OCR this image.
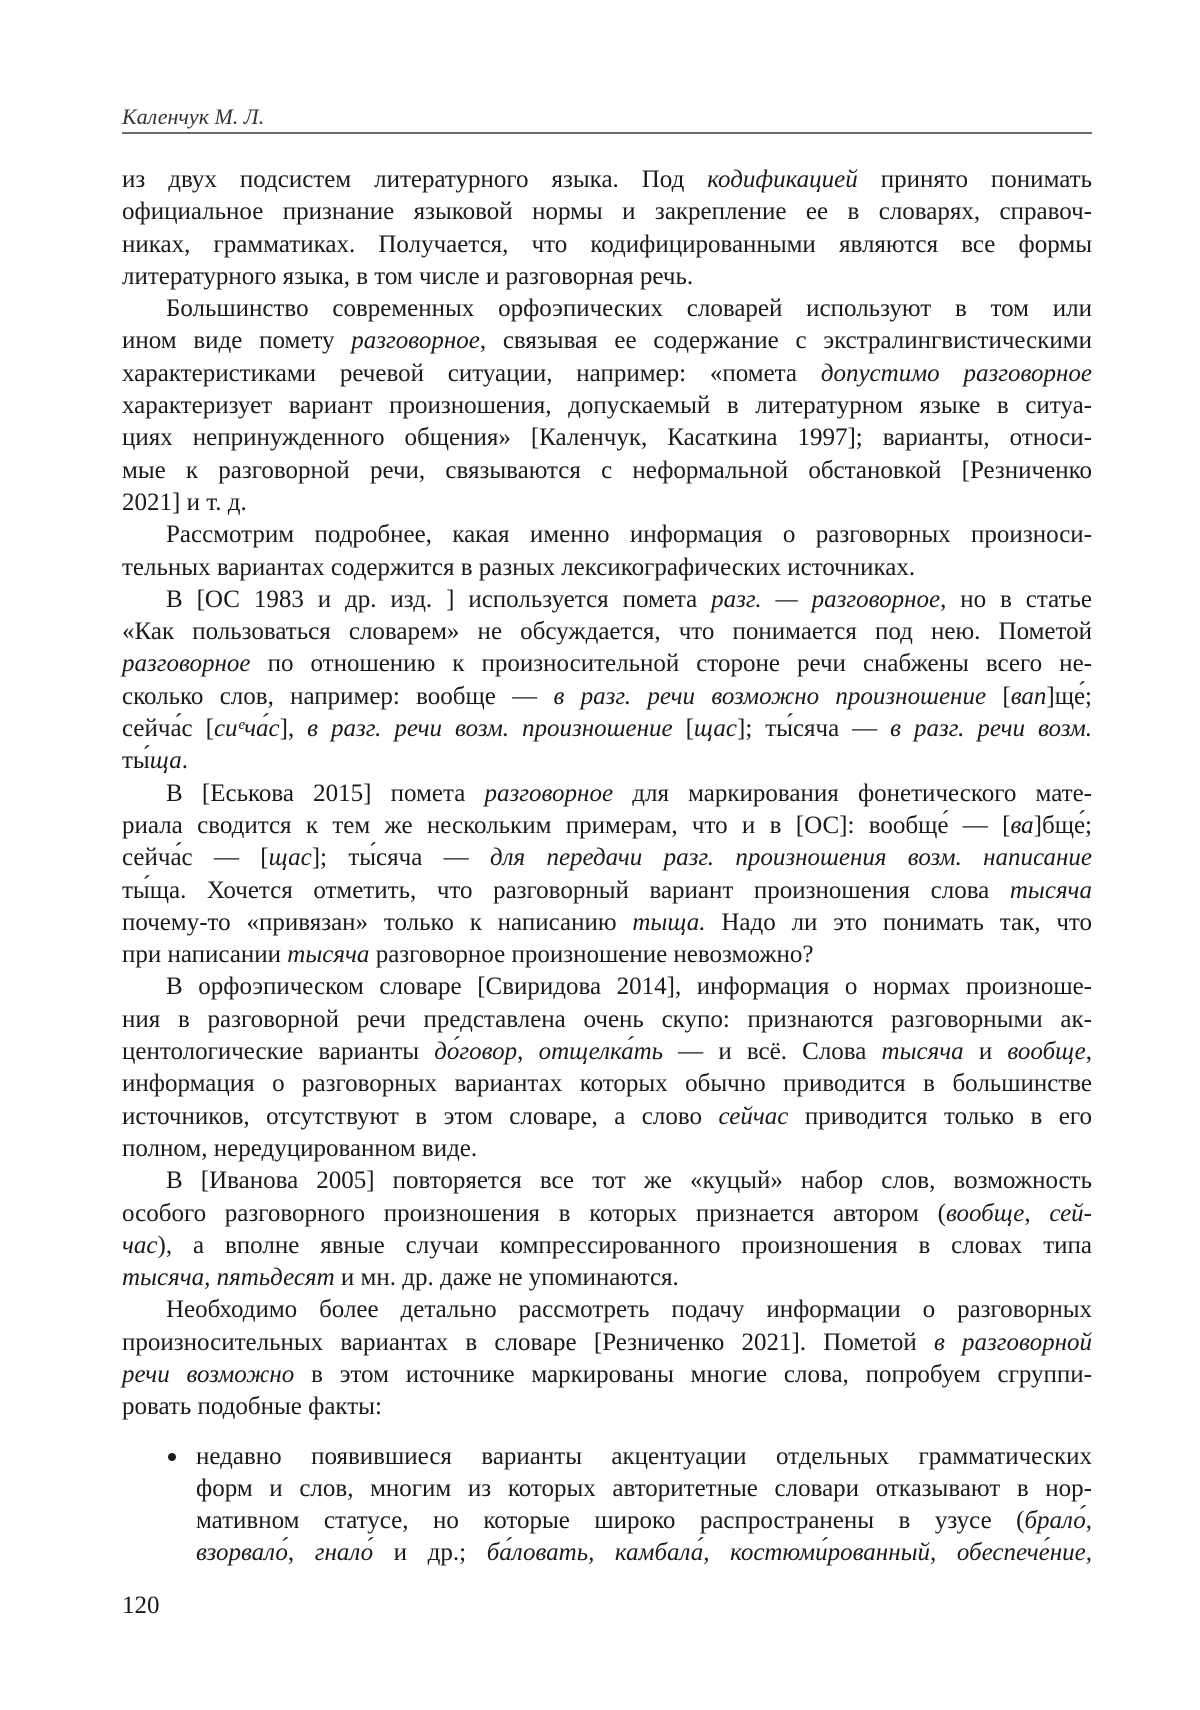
Каленчук М. Л.
из двух подсистем литературного языка. Под кодификацией принято понимать
официальное признание языковой нормы и закрепление ее в словарях, справоч-
никах, грамматиках. Получается, что кодифицированными являются все формы
литературного языка, в том числе и разговорная речь.
Большинство современных орфоэпических словарей используют в том или
ином виде помету разговорное, связывая ее содержание с экстралингвистическими
характеристиками речевой ситуации, например: «помета допустимо разговорное
характеризует вариант произношения, допускаемый в литературном языке в ситуа-
циях непринужденного общения» [Каленчук, Касаткина 1997]; варианты, относи-
мые к разговорной речи, связываются с неформальной обстановкой [Резниченко
2021] и т. д.
Рассмотрим подробнее, какая именно информация о разговорных произноси-
тельных вариантах содержится в разных лексикографических источниках.
В [ОС 1983 и др. изд. ] используется помета разг. — разговорное, но в статье
«Как пользоваться словарем» не обсуждается, что понимается под нею. Пометой
разговорное по отношению к произносительной стороне речи снабжены всего не-
сколько слов, например: вообще — в разг. речи возможно произношение [вап]ще́;
сейча́с [сиᵉча́с], в разг. речи возм. произношение [щас]; ты́сяча — в разг. речи возм.
ты́ща.
В [Еськова 2015] помета разговорное для маркирования фонетического мате-
риала сводится к тем же нескольким примерам, что и в [ОС]: вообще́ — [ва]бще́;
сейча́с — [щас]; ты́сяча — для передачи разг. произношения возм. написание
ты́ща. Хочется отметить, что разговорный вариант произношения слова тысяча
почему-то «привязан» только к написанию тыща. Надо ли это понимать так, что
при написании тысяча разговорное произношение невозможно?
В орфоэпическом словаре [Свиридова 2014], информация о нормах произноше-
ния в разговорной речи представлена очень скупо: признаются разговорными ак-
центологические варианты до́говор, отщелка́ть — и всё. Слова тысяча и вообще,
информация о разговорных вариантах которых обычно приводится в большинстве
источников, отсутствуют в этом словаре, а слово сейчас приводится только в его
полном, нередуцированном виде.
В [Иванова 2005] повторяется все тот же «куцый» набор слов, возможность
особого разговорного произношения в которых признается автором (вообще, сей-
час), а вполне явные случаи компрессированного произношения в словах типа
тысяча, пятьдесят и мн. др. даже не упоминаются.
Необходимо более детально рассмотреть подачу информации о разговорных
произносительных вариантах в словаре [Резниченко 2021]. Пометой в разговорной
речи возможно в этом источнике маркированы многие слова, попробуем сгруппи-
ровать подобные факты:
недавно появившиеся варианты акцентуации отдельных грамматических
форм и слов, многим из которых авторитетные словари отказывают в нор-
мативном статусе, но которые широко распространены в узусе (брало́,
взорвало́, гнало́ и др.; ба́ловать, камбала́, костюми́рованный, обеспече́ние,
120
